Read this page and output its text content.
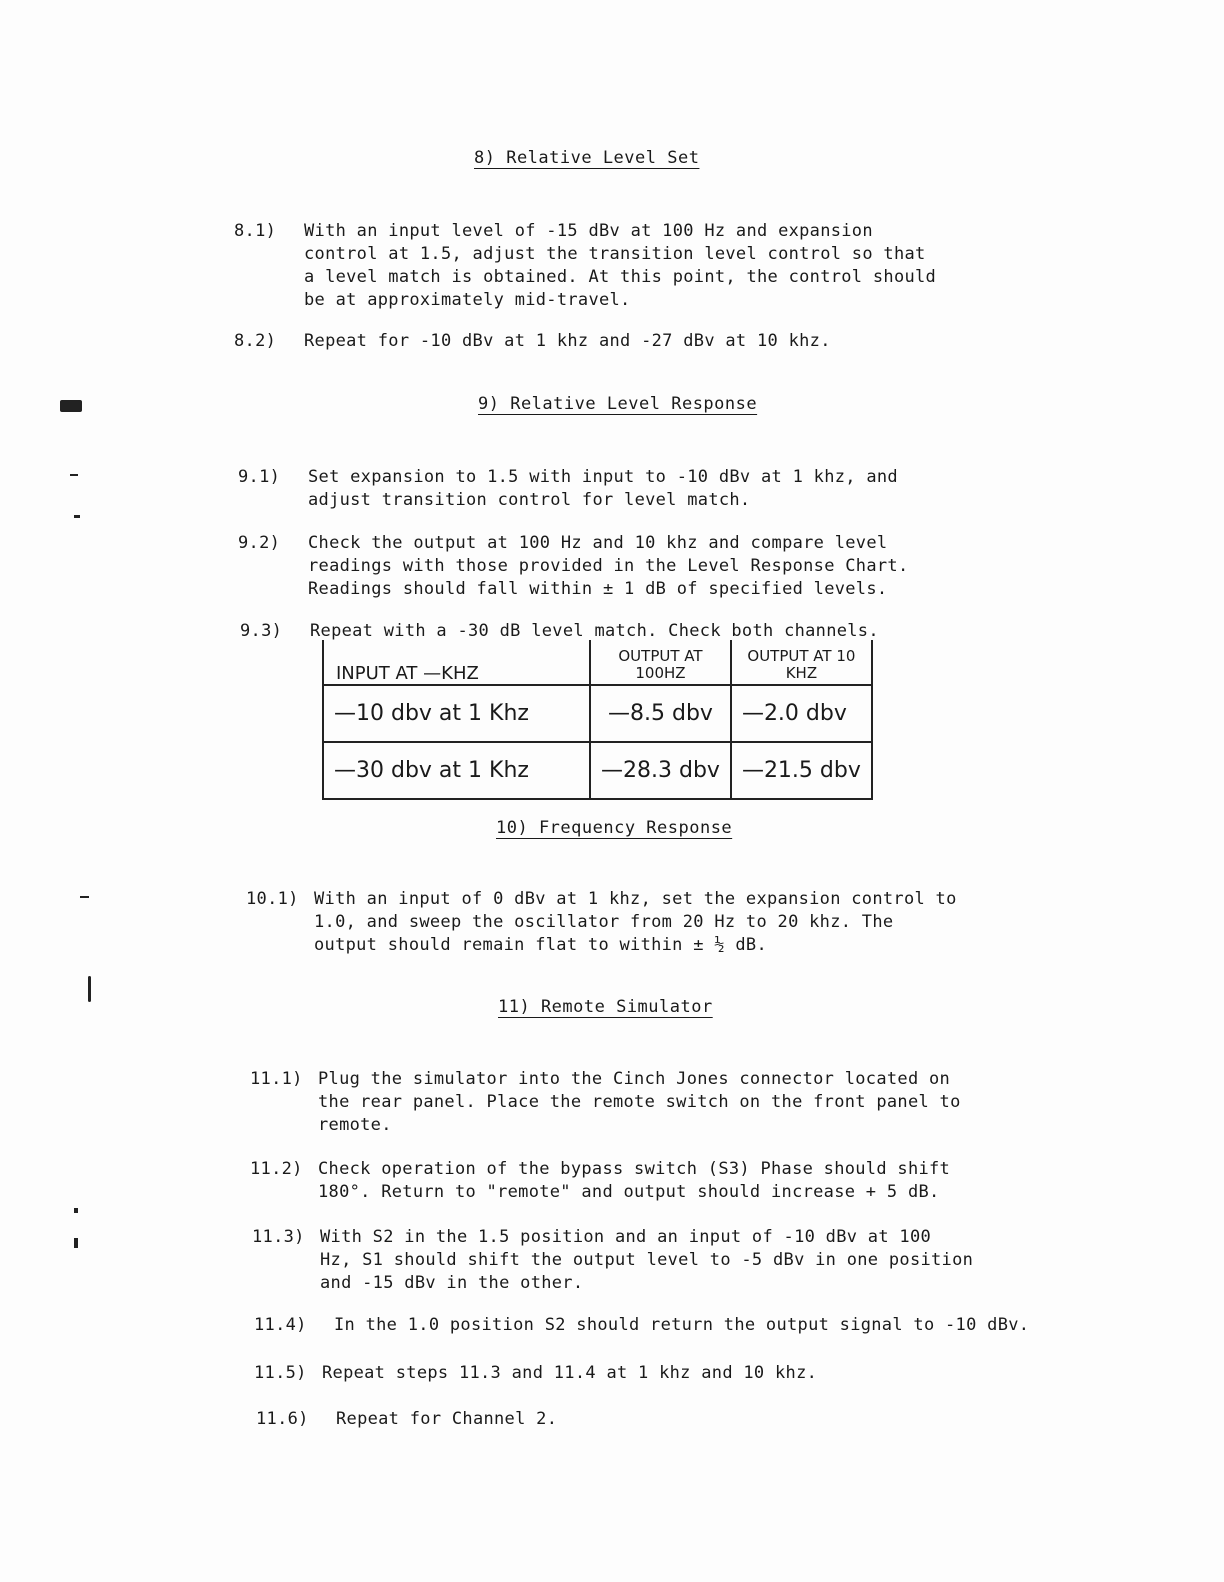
8) Relative Level Set
8.1) With an input level of -15 dBv at 100 Hz and expansion
control at 1.5, adjust the transition level control so that
a level match is obtained. At this point, the control should
be at approximately mid-travel.
8.2) Repeat for -10 dBv at 1 khz and -27 dBv at 10 khz.
9) Relative Level Response
9.1) Set expansion to 1.5 with input to -10 dBv at 1 khz, and
adjust transition control for level match.
9.2) Check the output at 100 Hz and 10 khz and compare level
readings with those provided in the Level Response Chart.
Readings should fall within ± 1 dB of specified levels.
9.3) Repeat with a -30 dB level match. Check both channels.
INPUT AT —KHZ	OUTPUT AT 100HZ	OUTPUT AT 10 KHZ
—10 dbv at 1 Khz	—8.5 dbv	—2.0 dbv
—30 dbv at 1 Khz	—28.3 dbv	—21.5 dbv
10) Frequency Response
10.1) With an input of 0 dBv at 1 khz, set the expansion control to
1.0, and sweep the oscillator from 20 Hz to 20 khz. The
output should remain flat to within ± ½ dB.
11) Remote Simulator
11.1) Plug the simulator into the Cinch Jones connector located on
the rear panel. Place the remote switch on the front panel to
remote.
11.2) Check operation of the bypass switch (S3) Phase should shift
180°. Return to "remote" and output should increase + 5 dB.
11.3) With S2 in the 1.5 position and an input of -10 dBv at 100
Hz, S1 should shift the output level to -5 dBv in one position
and -15 dBv in the other.
11.4) In the 1.0 position S2 should return the output signal to -10 dBv.
11.5) Repeat steps 11.3 and 11.4 at 1 khz and 10 khz.
11.6) Repeat for Channel 2.
